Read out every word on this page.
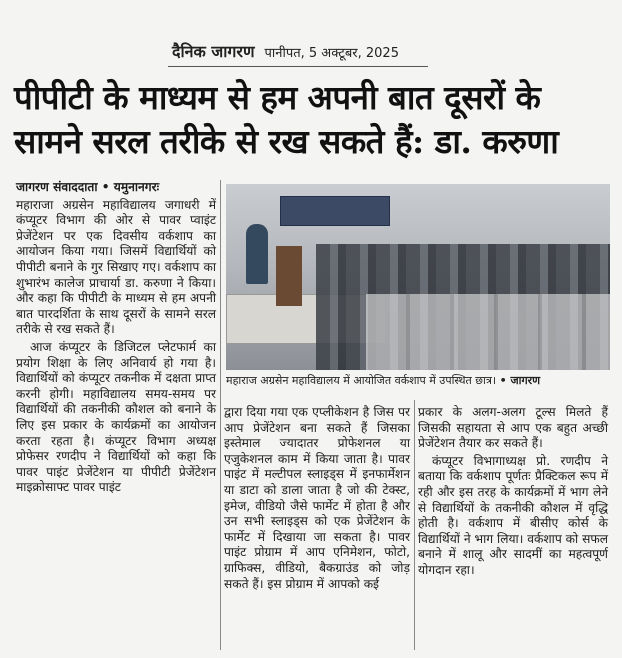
दैनिक जागरण पानीपत, 5 अक्टूबर, 2025
पीपीटी के माध्यम से हम अपनी बात दूसरों के
सामने सरल तरीके से रख सकते हैं: डा. करुणा

जागरण संवाददाता • यमुनानगरः

महाराजा अग्रसेन महाविद्यालय जगाधरी में कंप्यूटर विभाग की ओर से पावर प्वाइंट प्रेजेंटेशन पर एक दिवसीय वर्कशाप का आयोजन किया गया। जिसमें विद्यार्थियों को पीपीटी बनाने के गुर सिखाए गए। वर्कशाप का शुभारंभ कालेज प्राचार्या डा. करुणा ने किया। और कहा कि पीपीटी के माध्यम से हम अपनी बात पारदर्शिता के साथ दूसरों के सामने सरल तरीके से रख सकते हैं।

आज कंप्यूटर के डिजिटल प्लेटफार्म का प्रयोग शिक्षा के लिए अनिवार्य हो गया है। विद्यार्थियों को कंप्यूटर तकनीक में दक्षता प्राप्त करनी होगी। महाविद्यालय समय-समय पर विद्यार्थियों की तकनीकी कौशल को बनाने के लिए इस प्रकार के कार्यक्रमों का आयोजन करता रहता है। कंप्यूटर विभाग अध्यक्ष प्रोफेसर रणदीप ने विद्यार्थियों को कहा कि पावर पाइंट प्रेजेंटेशन या पीपीटी प्रेजेंटेशन माइक्रोसाफ्ट पावर पाइंट

महाराज अग्रसेन महाविद्यालय में आयोजित वर्कशाप में उपस्थित छात्र। • जागरण

द्वारा दिया गया एक एप्लीकेशन है जिस पर आप प्रेजेंटेशन बना सकते हैं जिसका इस्तेमाल ज्यादातर प्रोफेशनल या एजुकेशनल काम में किया जाता है। पावर पाइंट में मल्टीपल स्लाइड्स में इनफार्मेशन या डाटा को डाला जाता है जो की टेक्स्ट, इमेज, वीडियो जैसे फार्मेट में होता है और उन सभी स्लाइड्स को एक प्रेजेंटेशन के फार्मेट में दिखाया जा सकता है। पावर पाइंट प्रोग्राम में आप एनिमेशन, फोटो, ग्राफिक्स, वीडियो, बैकग्राउंड को जोड़ सकते हैं। इस प्रोग्राम में आपको कई

प्रकार के अलग-अलग टूल्स मिलते हैं जिसकी सहायता से आप एक बहुत अच्छी प्रेजेंटेशन तैयार कर सकते हैं।

कंप्यूटर विभागाध्यक्ष प्रो. रणदीप ने बताया कि वर्कशाप पूर्णतः प्रैक्टिकल रूप में रही और इस तरह के कार्यक्रमों में भाग लेने से विद्यार्थियों के तकनीकी कौशल में वृद्धि होती है। वर्कशाप में बीसीए कोर्स के विद्यार्थियों ने भाग लिया। वर्कशाप को सफल बनाने में शालू और सादमीं का महत्वपूर्ण योगदान रहा।
